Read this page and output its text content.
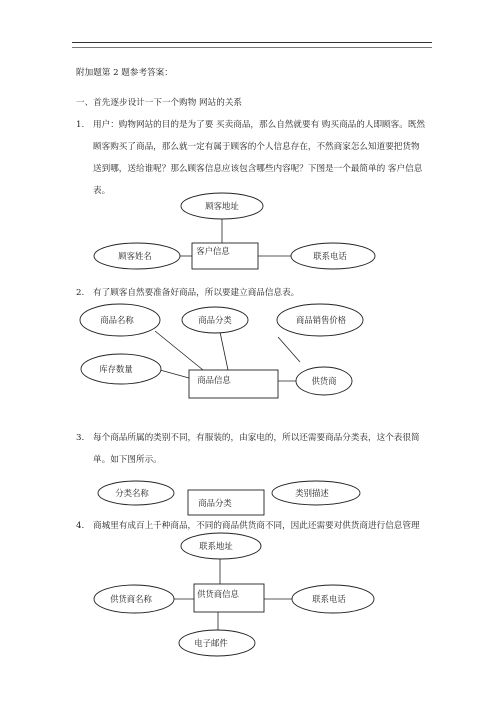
附加题第 2 题参考答案：
一、首先逐步设计一下一个购物 网站的关系
1. 用户：购物网站的目的是为了要 买卖商品，那么自然就要有 购买商品的人即顾客。既然
顾客购买了商品，那么就一定有属于顾客的个人信息存在，不然商家怎么知道要把货物
送到哪，送给谁呢？那么顾客信息应该包含哪些内容呢？下图是一个最简单的 客户信息
表。
2. 有了顾客自然要准备好商品，所以要建立商品信息表。
3. 每个商品所属的类别不同，有服装的，由家电的，所以还需要商品分类表，这个表很简
单。如下图所示。
4. 商城里有成百上千种商品，不同的商品供货商不同，因此还需要对供货商进行信息管理
顾客地址
顾客姓名	联系电话
客户信息
商品名称	商品分类	商品销售价格
库存数量
供货商
商品信息
分类名称	类别描述
商品分类
联系地址
供货商名称	联系电话
电子邮件
供货商信息
